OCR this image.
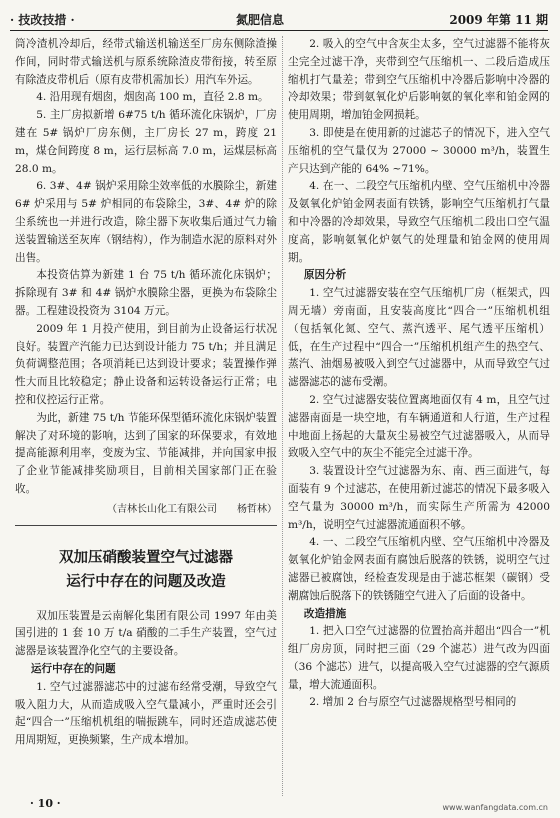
· 技改技措 ·	氮肥信息	2009 年第 11 期

筒冷渣机冷却后，经带式输送机输送至厂房东侧除渣操作间，同时带式输送机与原系统除渣皮带衔接，转至原有除渣皮带机后（原有皮带机需加长）用汽车外运。

4. 沿用现有烟囱，烟囱高 100 m，直径 2.8 m。

5. 主厂房拟新增 6#75 t/h 循环流化床锅炉，厂房建在 5# 锅炉厂房东侧，主厂房长 27 m，跨度 21 m，煤仓间跨度 8 m，运行层标高 7.0 m，运煤层标高 28.0 m。

6. 3#、4# 锅炉采用除尘效率低的水膜除尘，新建 6# 炉采用与 5# 炉相同的布袋除尘，3#、4# 炉的除尘系统也一并进行改造，除尘器下灰收集后通过气力输送装置输送至灰库（钢结构），作为制造水泥的原料对外出售。

本投资估算为新建 1 台 75 t/h 循环流化床锅炉；拆除现有 3# 和 4# 锅炉水膜除尘器，更换为布袋除尘器。工程建设投资为 3104 万元。

2009 年 1 月投产使用，到目前为止设备运行状况良好。装置产汽能力已达到设计能力 75 t/h；并且满足负荷调整范围；各项消耗已达到设计要求；装置操作弹性大而且比较稳定；静止设备和运转设备运行正常；电控和仪控运行正常。

为此，新建 75 t/h 节能环保型循环流化床锅炉装置解决了对环境的影响，达到了国家的环保要求，有效地提高能源利用率，变废为宝、节能减排，并向国家申报了企业节能减排奖励项目，目前相关国家部门正在验收。

（吉林长山化工有限公司　　杨哲林）
双加压硝酸装置空气过滤器
运行中存在的问题及改造

双加压装置是云南解化集团有限公司 1997 年由美国引进的 1 套 10 万 t/a 硝酸的二手生产装置，空气过滤器是该装置净化空气的主要设备。

运行中存在的问题

1. 空气过滤器滤芯中的过滤布经常受潮，导致空气吸入阻力大，从而造成吸入空气量减小，严重时还会引起“四合一”压缩机机组的喘振跳车，同时还造成滤芯使用周期短，更换频繁，生产成本增加。

2. 吸入的空气中含灰尘太多，空气过滤器不能将灰尘完全过滤干净，夹带到空气压缩机一、二段后造成压缩机打气量差；带到空气压缩机中冷器后影响中冷器的冷却效果；带到氨氧化炉后影响氨的氧化率和铂金网的使用周期，增加铂金网损耗。

3. 即使是在使用新的过滤芯子的情况下，进入空气压缩机的空气量仅为 27000 ~ 30000 m³/h，装置生产只达到产能的 64% ~71%。

4. 在一、二段空气压缩机内壁、空气压缩机中冷器及氨氧化炉铂金网表面有铁锈，影响空气压缩机打气量和中冷器的冷却效果，导致空气压缩机二段出口空气温度高，影响氨氧化炉氨气的处理量和铂金网的使用周期。

原因分析

1. 空气过滤器安装在空气压缩机厂房（框架式，四周无墙）旁南面，且安装高度比“四合一”压缩机机组（包括氧化氮、空气、蒸汽透平、尾气透平压缩机）低，在生产过程中“四合一”压缩机机组产生的热空气、蒸汽、油烟易被吸入到空气过滤器中，从而导致空气过滤器滤芯的滤布受潮。

2. 空气过滤器安装位置离地面仅有 4 m，且空气过滤器南面是一块空地，有车辆通道和人行道，生产过程中地面上扬起的大量灰尘易被空气过滤器吸入，从而导致吸入空气中的灰尘不能完全过滤干净。

3. 装置设计空气过滤器为东、南、西三面进气，每面装有 9 个过滤芯，在使用新过滤芯的情况下最多吸入空气量为 30000 m³/h，而实际生产所需为 42000 m³/h，说明空气过滤器流通面积不够。

4. 一、二段空气压缩机内壁、空气压缩机中冷器及氨氧化炉铂金网表面有腐蚀后脱落的铁锈，说明空气过滤器已被腐蚀，经检查发现是由于滤芯框架（碳钢）受潮腐蚀后脱落下的铁锈随空气进入了后面的设备中。

改造措施

1. 把入口空气过滤器的位置抬高并超出“四合一”机组厂房房顶，同时把三面（29 个滤芯）进气改为四面（36 个滤芯）进气，以提高吸入空气过滤器的空气源质量，增大流通面积。

2. 增加 2 台与原空气过滤器规格型号相同的

· 10 ·	www.wanfangdata.com.cn
